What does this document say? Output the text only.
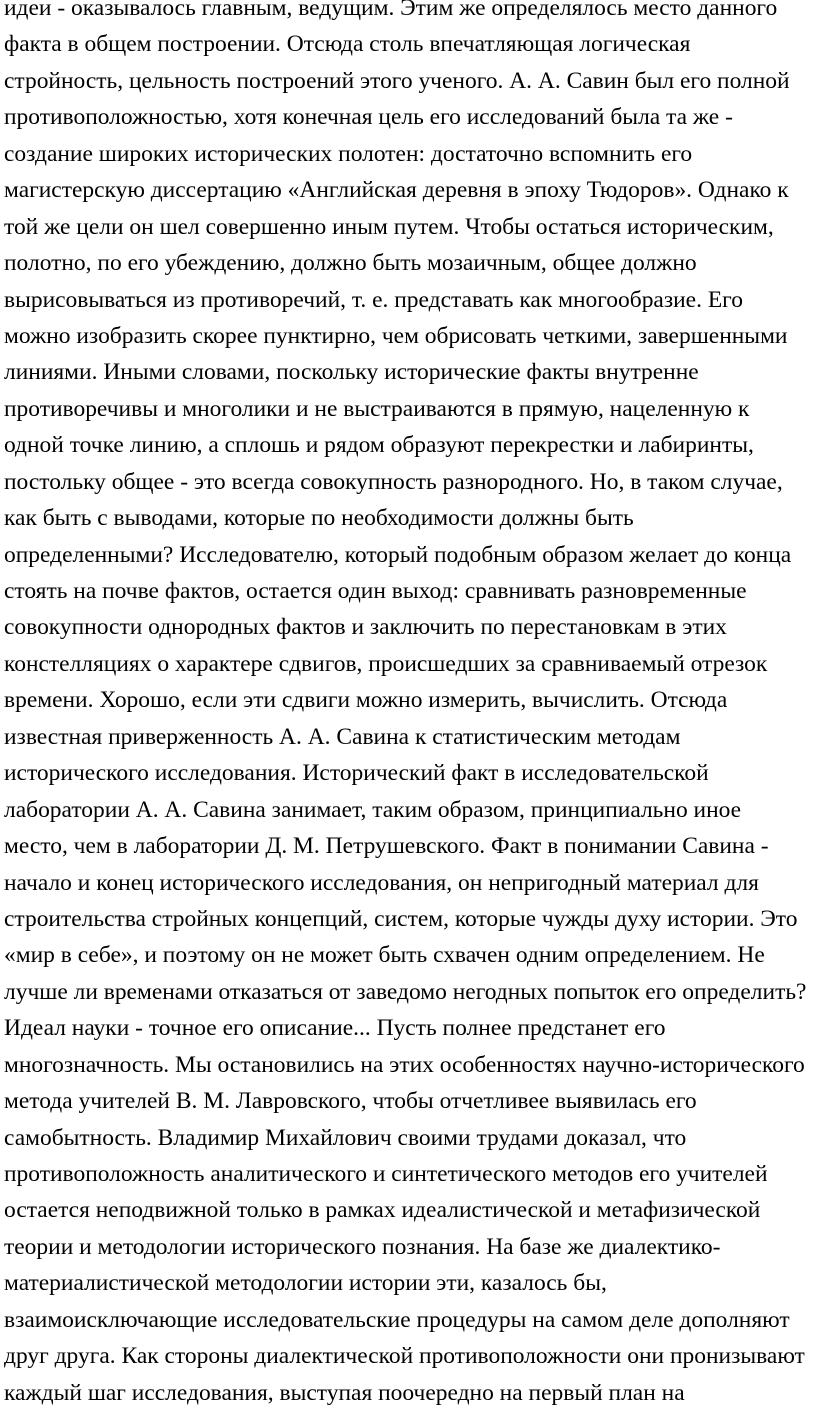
идеи - оказывалось главным, ведущим. Этим же определялось место данного
факта в общем построении. Отсюда столь впечатляющая логическая
стройность, цельность построений этого ученого. А. А. Савин был его полной
противоположностью, хотя конечная цель его исследований была та же -
создание широких исторических полотен: достаточно вспомнить его
магистерскую диссертацию «Английская деревня в эпоху Тюдоров». Однако к
той же цели он шел совершенно иным путем. Чтобы остаться историческим,
полотно, по его убеждению, должно быть мозаичным, общее должно
вырисовываться из противоречий, т. е. представать как многообразие. Его
можно изобразить скорее пунктирно, чем обрисовать четкими, завершенными
линиями. Иными словами, поскольку исторические факты внутренне
противоречивы и многолики и не выстраиваются в прямую, нацеленную к
одной точке линию, а сплошь и рядом образуют перекрестки и лабиринты,
постольку общее - это всегда совокупность разнородного. Но, в таком случае,
как быть с выводами, которые по необходимости должны быть
определенными? Исследователю, который подобным образом желает до конца
стоять на почве фактов, остается один выход: сравнивать разновременные
совокупности однородных фактов и заключить по перестановкам в этих
констелляциях о характере сдвигов, происшедших за сравниваемый отрезок
времени. Хорошо, если эти сдвиги можно измерить, вычислить. Отсюда
известная приверженность А. А. Савина к статистическим методам
исторического исследования. Исторический факт в исследовательской
лаборатории А. А. Савина занимает, таким образом, принципиально иное
место, чем в лаборатории Д. М. Петрушевского. Факт в понимании Савина -
начало и конец исторического исследования, он непригодный материал для
строительства стройных концепций, систем, которые чужды духу истории. Это
«мир в себе», и поэтому он не может быть схвачен одним определением. Не
лучше ли временами отказаться от заведомо негодных попыток его определить?
Идеал науки - точное его описание... Пусть полнее предстанет его
многозначность. Мы остановились на этих особенностях научно-исторического
метода учителей В. М. Лавровского, чтобы отчетливее выявилась его
самобытность. Владимир Михайлович своими трудами доказал, что
противоположность аналитического и синтетического методов его учителей
остается неподвижной только в рамках идеалистической и метафизической
теории и методологии исторического познания. На базе же диалектико-
материалистической методологии истории эти, казалось бы,
взаимоисключающие исследовательские процедуры на самом деле дополняют
друг друга. Как стороны диалектической противоположности они пронизывают
каждый шаг исследования, выступая поочередно на первый план на
